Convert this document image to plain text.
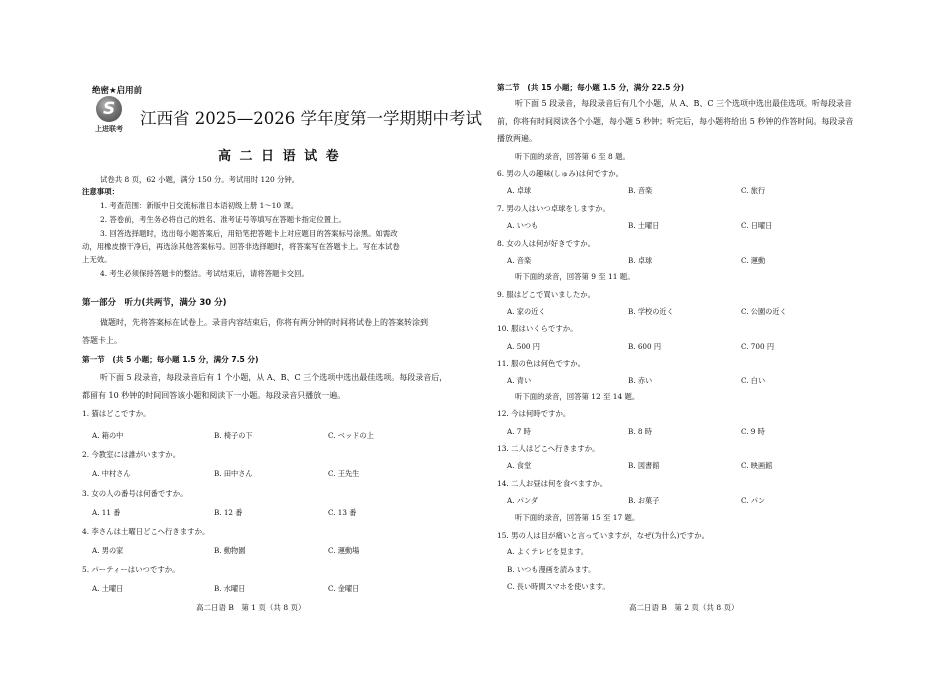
绝密★启用前
S
上进联考
江西省 2025—2026 学年度第一学期期中考试
高 二 日 语 试 卷
试卷共 8 页，62 小题，满分 150 分。考试用时 120 分钟。
注意事项：
1. 考查范围：新版中日交流标准日本语初级上册 1～10 课。
2. 答卷前，考生务必将自己的姓名、准考证号等填写在答题卡指定位置上。
3. 回答选择题时，选出每小题答案后，用铅笔把答题卡上对应题目的答案标号涂黑。如需改
动，用橡皮擦干净后，再选涂其他答案标号。回答非选择题时，将答案写在答题卡上。写在本试卷
上无效。
4. 考生必须保持答题卡的整洁。考试结束后，请将答题卡交回。
第一部分　听力(共两节，满分 30 分)
做题时，先将答案标在试卷上。录音内容结束后，你将有两分钟的时间将试卷上的答案转涂到
答题卡上。
第一节　(共 5 小题；每小题 1.5 分，满分 7.5 分)
听下面 5 段录音，每段录音后有 1 个小题，从 A、B、C 三个选项中选出最佳选项。每段录音后，
都留有 10 秒钟的时间回答该小题和阅读下一小题。每段录音只播放一遍。
1. 猫はどこですか。
A. 箱の中	B. 椅子の下	C. ベッドの上
2. 今教室には誰がいますか。
A. 中村さん	B. 田中さん	C. 王先生
3. 女の人の番号は何番ですか。
A. 11 番	B. 12 番	C. 13 番
4. 李さんは土曜日どこへ行きますか。
A. 男の家	B. 動物園	C. 運動場
5. パーティーはいつですか。
A. 土曜日	B. 水曜日	C. 金曜日
高二日语 B　第 1 页（共 8 页）
第二节　(共 15 小题；每小题 1.5 分，满分 22.5 分)
听下面 5 段录音，每段录音后有几个小题，从 A、B、C 三个选项中选出最佳选项。听每段录音
前，你将有时间阅读各个小题，每小题 5 秒钟；听完后，每小题将给出 5 秒钟的作答时间。每段录音
播放两遍。
听下面的录音，回答第 6 至 8 题。
6. 男の人の趣味(しゅみ)は何ですか。
A. 卓球	B. 音楽	C. 旅行
7. 男の人はいつ卓球をしますか。
A. いつも	B. 土曜日	C. 日曜日
8. 女の人は何が好きですか。
A. 音楽	B. 卓球	C. 運動
听下面的录音，回答第 9 至 11 题。
9. 服はどこで買いましたか。
A. 家の近く	B. 学校の近く	C. 公園の近く
10. 服はいくらですか。
A. 500 円	B. 600 円	C. 700 円
11. 服の色は何色ですか。
A. 青い	B. 赤い	C. 白い
听下面的录音，回答第 12 至 14 题。
12. 今は何時ですか。
A. 7 時	B. 8 時	C. 9 時
13. 二人はどこへ行きますか。
A. 食堂	B. 図書館	C. 映画館
14. 二人お昼は何を食べますか。
A. パンダ	B. お菓子	C. パン
听下面的录音，回答第 15 至 17 题。
15. 男の人は目が痛いと言っていますが，なぜ(为什么)ですか。
A. よくテレビを見ます。
B. いつも漫画を読みます。
C. 長い時間スマホを使います。
高二日语 B　第 2 页（共 8 页）
